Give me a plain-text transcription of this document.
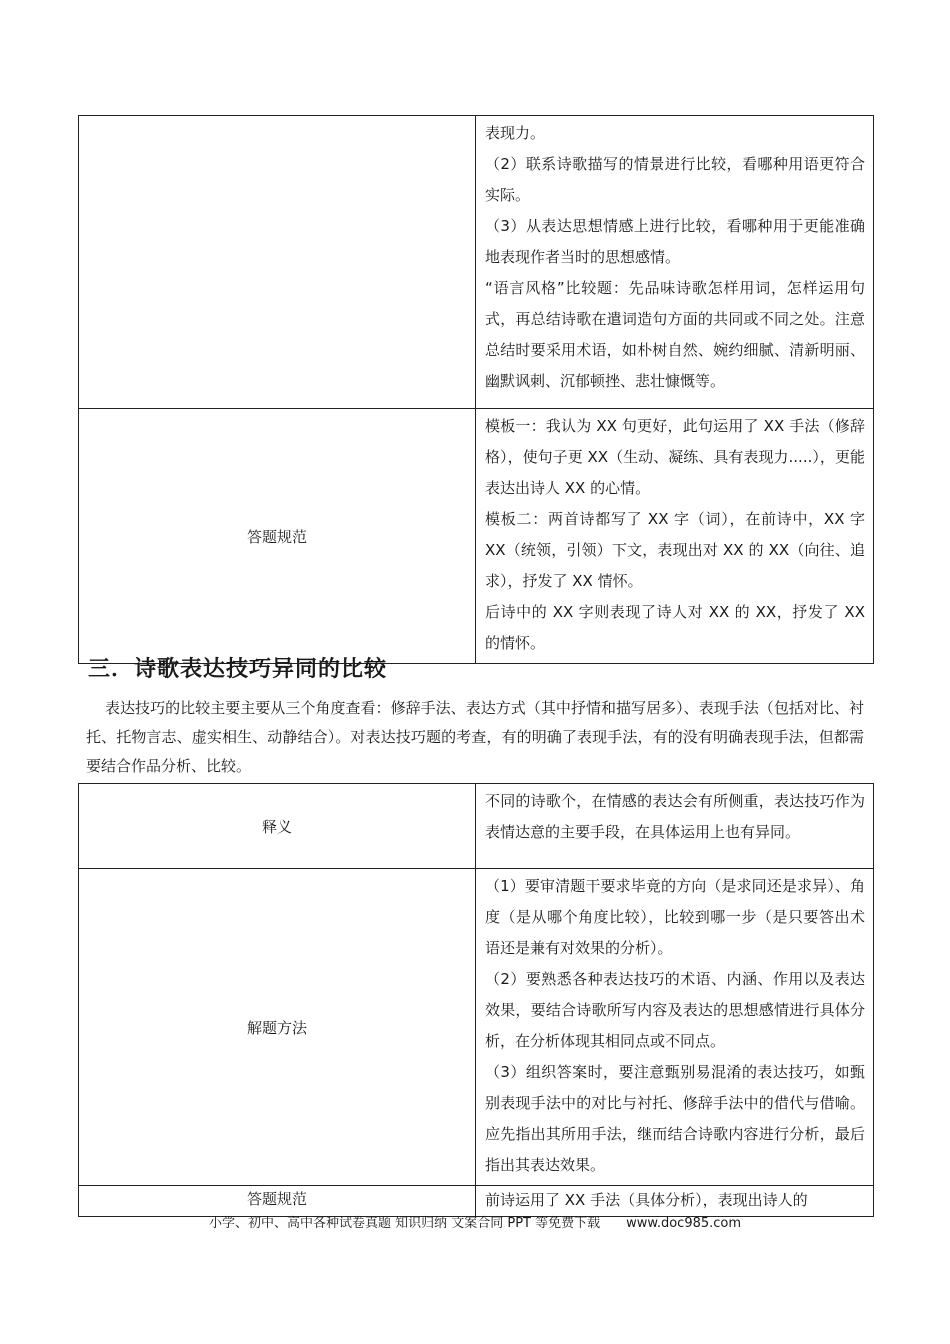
	表现力。

（2）联系诗歌描写的情景进行比较，看哪种用语更符合实际。

（3）从表达思想情感上进行比较，看哪种用于更能准确地表现作者当时的思想感情。

“语言风格”比较题：先品味诗歌怎样用词，怎样运用句式，再总结诗歌在遣词造句方面的共同或不同之处。注意总结时要采用术语，如朴树自然、婉约细腻、清新明丽、幽默讽刺、沉郁顿挫、悲壮慷慨等。

答题规范	模板一：我认为 XX 句更好，此句运用了 XX 手法（修辞格），使句子更 XX（生动、凝练、具有表现力.....），更能表达出诗人 XX 的心情。

模板二：两首诗都写了 XX 字（词），在前诗中，XX 字 XX（统领，引领）下文，表现出对 XX 的 XX（向往、追求），抒发了 XX 情怀。

后诗中的 XX 字则表现了诗人对 XX 的 XX，抒发了 XX 的情怀。

三．诗歌表达技巧异同的比较

表达技巧的比较主要主要从三个角度查看：修辞手法、表达方式（其中抒情和描写居多）、表现手法（包括对比、衬托、托物言志、虚实相生、动静结合）。对表达技巧题的考查，有的明确了表现手法，有的没有明确表现手法，但都需要结合作品分析、比较。

释义	不同的诗歌个，在情感的表达会有所侧重，表达技巧作为表情达意的主要手段，在具体运用上也有异同。

解题方法	（1）要审清题干要求毕竟的方向（是求同还是求异）、角度（是从哪个角度比较），比较到哪一步（是只要答出术语还是兼有对效果的分析）。

（2）要熟悉各种表达技巧的术语、内涵、作用以及表达效果，要结合诗歌所写内容及表达的思想感情进行具体分析，在分析体现其相同点或不同点。

（3）组织答案时，要注意甄别易混淆的表达技巧，如甄别表现手法中的对比与衬托、修辞手法中的借代与借喻。应先指出其所用手法，继而结合诗歌内容进行分析，最后指出其表达效果。

答题规范	前诗运用了 XX 手法（具体分析），表现出诗人的

小学、初中、高中各种试卷真题 知识归纳 文案合同 PPT 等免费下载 www.doc985.com
